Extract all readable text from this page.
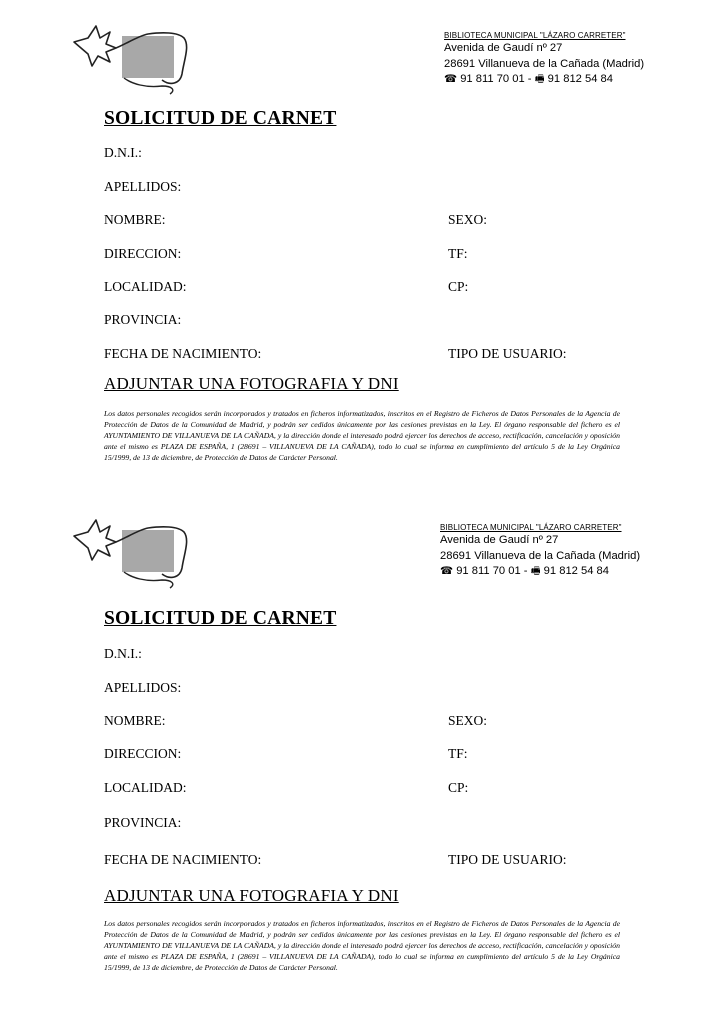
BIBLIOTECA MUNICIPAL "LÁZARO CARRETER"
Avenida de Gaudí nº 27
28691 Villanueva de la Cañada (Madrid)
☎ 91 811 70 01 - 🖷 91 812 54 84
SOLICITUD DE CARNET
D.N.I.:
APELLIDOS:
NOMBRE:	SEXO:
DIRECCION:	TF:
LOCALIDAD:	CP:
PROVINCIA:
FECHA DE NACIMIENTO:	TIPO DE USUARIO:
ADJUNTAR UNA FOTOGRAFIA Y DNI
Los datos personales recogidos serán incorporados y tratados en ficheros informatizados, inscritos en el Registro de Ficheros de Datos Personales de la Agencia de Protección de Datos de la Comunidad de Madrid, y podrán ser cedidos únicamente por las cesiones previstas en la Ley. El órgano responsable del fichero es el AYUNTAMIENTO DE VILLANUEVA DE LA CAÑADA, y la dirección donde el interesado podrá ejercer los derechos de acceso, rectificación, cancelación y oposición ante el mismo es PLAZA DE ESPAÑA, 1 (28691 – VILLANUEVA DE LA CAÑADA), todo lo cual se informa en cumplimiento del artículo 5 de la Ley Orgánica 15/1999, de 13 de diciembre, de Protección de Datos de Carácter Personal.
BIBLIOTECA MUNICIPAL "LÁZARO CARRETER"
Avenida de Gaudí nº 27
28691 Villanueva de la Cañada (Madrid)
☎ 91 811 70 01 - 🖷 91 812 54 84
SOLICITUD DE CARNET
D.N.I.:
APELLIDOS:
NOMBRE:	SEXO:
DIRECCION:	TF:
LOCALIDAD:	CP:
PROVINCIA:
FECHA DE NACIMIENTO:	TIPO DE USUARIO:
ADJUNTAR UNA FOTOGRAFIA Y DNI
Los datos personales recogidos serán incorporados y tratados en ficheros informatizados, inscritos en el Registro de Ficheros de Datos Personales de la Agencia de Protección de Datos de la Comunidad de Madrid, y podrán ser cedidos únicamente por las cesiones previstas en la Ley. El órgano responsable del fichero es el AYUNTAMIENTO DE VILLANUEVA DE LA CAÑADA, y la dirección donde el interesado podrá ejercer los derechos de acceso, rectificación, cancelación y oposición ante el mismo es PLAZA DE ESPAÑA, 1 (28691 – VILLANUEVA DE LA CAÑADA), todo lo cual se informa en cumplimiento del artículo 5 de la Ley Orgánica 15/1999, de 13 de diciembre, de Protección de Datos de Carácter Personal.
